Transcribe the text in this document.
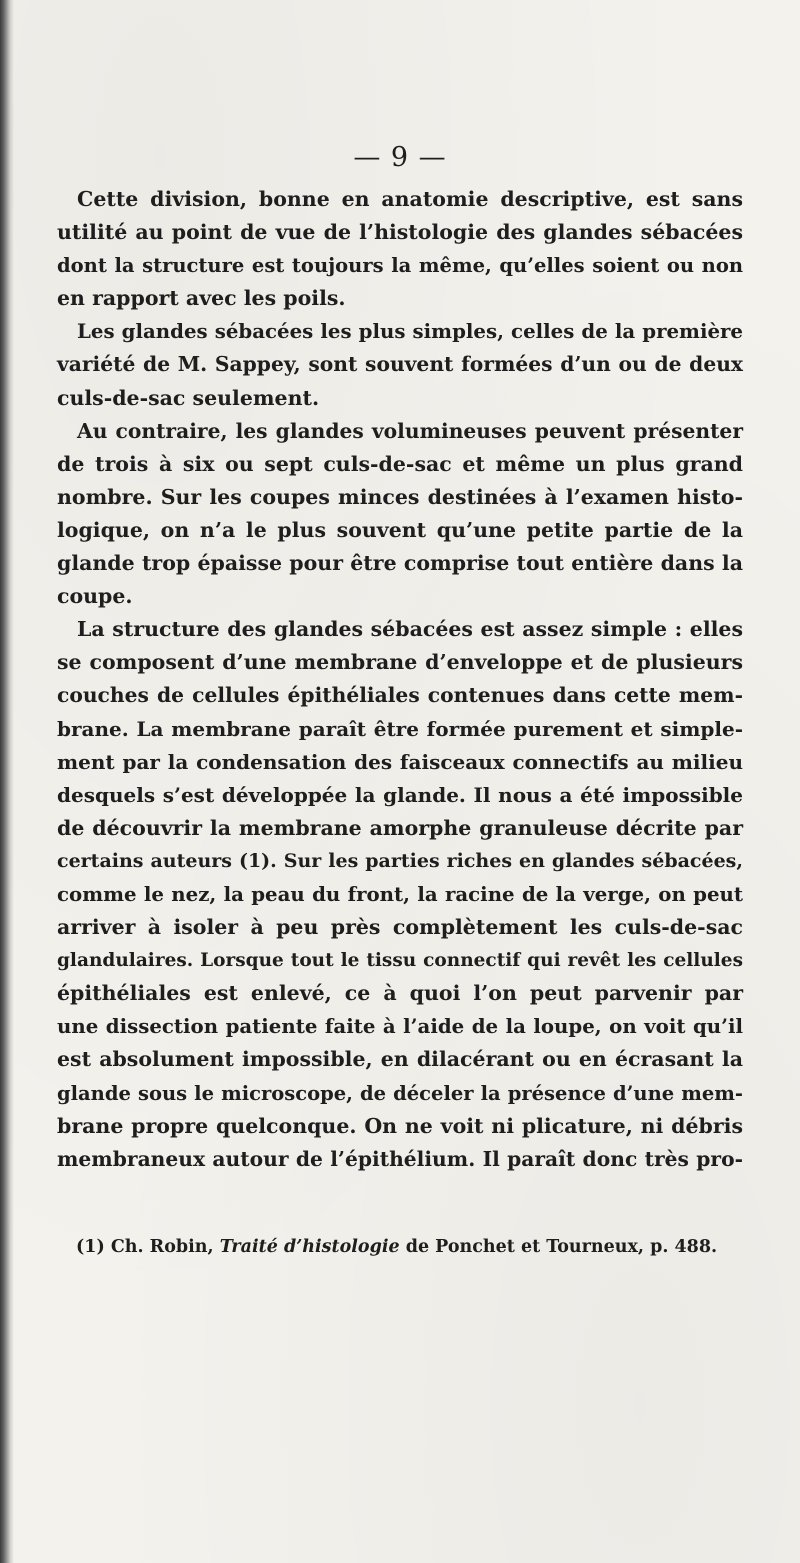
— 9 —
Cette division, bonne en anatomie descriptive, est sans
utilité au point de vue de l’histologie des glandes sébacées
dont la structure est toujours la même, qu’elles soient ou non
en rapport avec les poils.
Les glandes sébacées les plus simples, celles de la première
variété de M. Sappey, sont souvent formées d’un ou de deux
culs-de-sac seulement.
Au contraire, les glandes volumineuses peuvent présenter
de trois à six ou sept culs-de-sac et même un plus grand
nombre. Sur les coupes minces destinées à l’examen histo-
logique, on n’a le plus souvent qu’une petite partie de la
glande trop épaisse pour être comprise tout entière dans la
coupe.
La structure des glandes sébacées est assez simple : elles
se composent d’une membrane d’enveloppe et de plusieurs
couches de cellules épithéliales contenues dans cette mem-
brane. La membrane paraît être formée purement et simple-
ment par la condensation des faisceaux connectifs au milieu
desquels s’est développée la glande. Il nous a été impossible
de découvrir la membrane amorphe granuleuse décrite par
certains auteurs (1). Sur les parties riches en glandes sébacées,
comme le nez, la peau du front, la racine de la verge, on peut
arriver à isoler à peu près complètement les culs-de-sac
glandulaires. Lorsque tout le tissu connectif qui revêt les cellules
épithéliales est enlevé, ce à quoi l’on peut parvenir par
une dissection patiente faite à l’aide de la loupe, on voit qu’il
est absolument impossible, en dilacérant ou en écrasant la
glande sous le microscope, de déceler la présence d’une mem-
brane propre quelconque. On ne voit ni plicature, ni débris
membraneux autour de l’épithélium. Il paraît donc très pro-
(1) Ch. Robin, Traité d’histologie de Ponchet et Tourneux, p. 488.
